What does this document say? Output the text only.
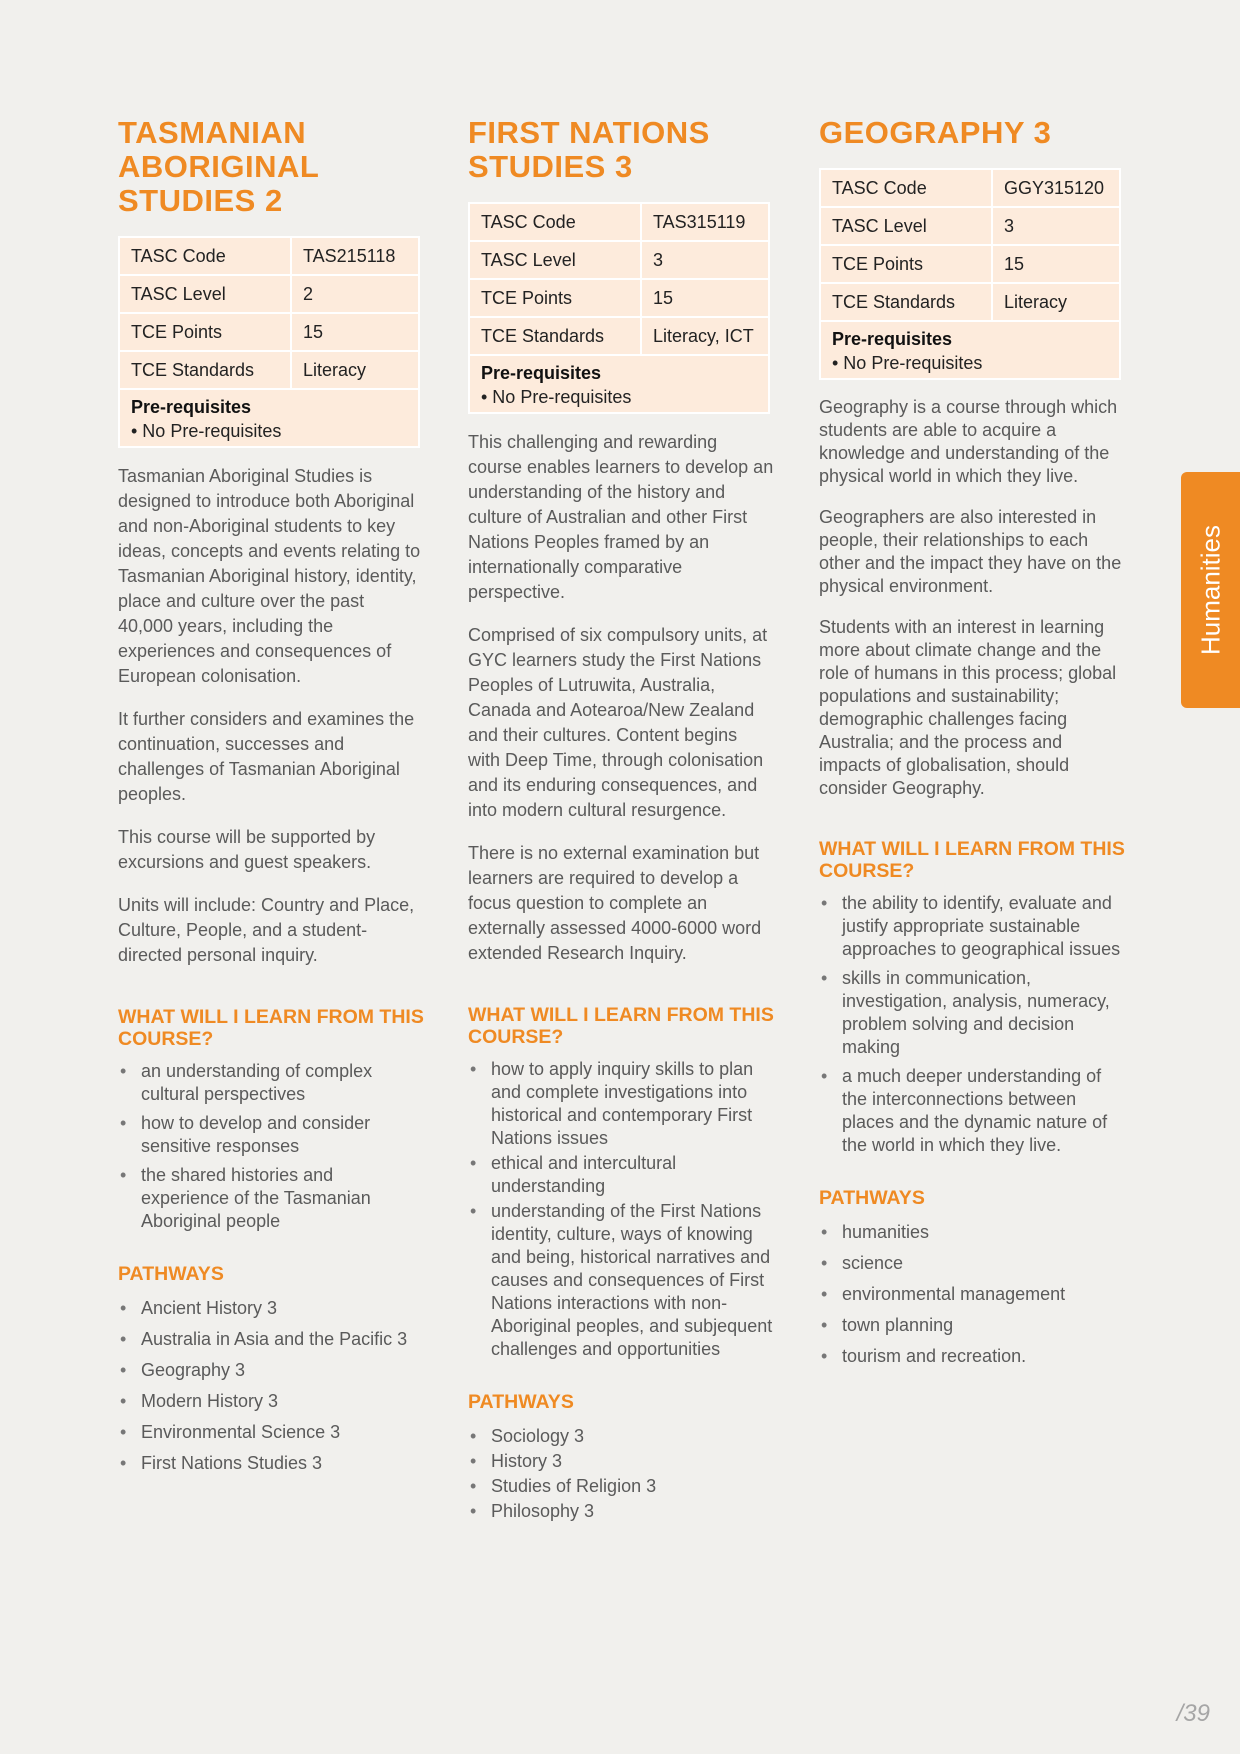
TASMANIAN ABORIGINAL STUDIES 2
TASC Code	TAS215118
TASC Level	2
TCE Points	15
TCE Standards	Literacy

Pre-requisites
• No Pre-requisites	

Tasmanian Aboriginal Studies is designed to introduce both Aboriginal and non-Aboriginal students to key ideas, concepts and events relating to Tasmanian Aboriginal history, identity, place and culture over the past 40,000 years, including the experiences and consequences of European colonisation.

It further considers and examines the continuation, successes and challenges of Tasmanian Aboriginal peoples.

This course will be supported by excursions and guest speakers.

Units will include: Country and Place, Culture, People, and a student-directed personal inquiry.

WHAT WILL I LEARN FROM THIS COURSE?
• an understanding of complex cultural perspectives
• how to develop and consider sensitive responses
• the shared histories and experience of the Tasmanian Aboriginal people
PATHWAYS
• Ancient History 3
• Australia in Asia and the Pacific 3
• Geography 3
• Modern History 3
• Environmental Science 3
• First Nations Studies 3
FIRST NATIONS STUDIES 3
TASC Code	TAS315119
TASC Level	3
TCE Points	15
TCE Standards	Literacy, ICT

Pre-requisites
• No Pre-requisites	

This challenging and rewarding course enables learners to develop an understanding of the history and culture of Australian and other First Nations Peoples framed by an internationally comparative perspective.

Comprised of six compulsory units, at GYC learners study the First Nations Peoples of Lutruwita, Australia, Canada and Aotearoa/New Zealand and their cultures. Content begins with Deep Time, through colonisation and its enduring consequences, and into modern cultural resurgence.

There is no external examination but learners are required to develop a focus question to complete an externally assessed 4000-6000 word extended Research Inquiry.

WHAT WILL I LEARN FROM THIS COURSE?
• how to apply inquiry skills to plan and complete investigations into historical and contemporary First Nations issues
• ethical and intercultural understanding
• understanding of the First Nations identity, culture, ways of knowing and being, historical narratives and causes and consequences of First Nations interactions with non-Aboriginal peoples, and subjequent challenges and opportunities
PATHWAYS
• Sociology 3
• History 3
• Studies of Religion 3
• Philosophy 3
GEOGRAPHY 3
TASC Code	GGY315120
TASC Level	3
TCE Points	15
TCE Standards	Literacy

Pre-requisites
• No Pre-requisites	

Geography is a course through which students are able to acquire a knowledge and understanding of the physical world in which they live.

Geographers are also interested in people, their relationships to each other and the impact they have on the physical environment.

Students with an interest in learning more about climate change and the role of humans in this process; global populations and sustainability; demographic challenges facing Australia; and the process and impacts of globalisation, should consider Geography.

WHAT WILL I LEARN FROM THIS COURSE?
• the ability to identify, evaluate and justify appropriate sustainable approaches to geographical issues
• skills in communication, investigation, analysis, numeracy, problem solving and decision making
• a much deeper understanding of the interconnections between places and the dynamic nature of the world in which they live.
PATHWAYS
• humanities
• science
• environmental management
• town planning
• tourism and recreation.
Humanities
/39
